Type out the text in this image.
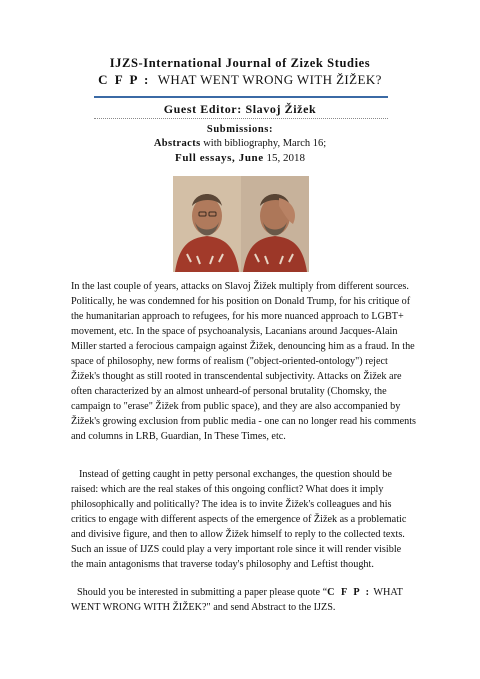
IJZS-International Journal of Zizek Studies
C F P : WHAT WENT WRONG WITH ŽIŽEK?
Guest Editor: Slavoj Žižek
Submissions:
Abstracts with bibliography, March 16;
Full essays, June 15, 2018

In the last couple of years, attacks on Slavoj Žižek multiply from different sources. Politically, he was condemned for his position on Donald Trump, for his critique of the humanitarian approach to refugees, for his more nuanced approach to LGBT+ movement, etc. In the space of psychoanalysis, Lacanians around Jacques-Alain Miller started a ferocious campaign against Žižek, denouncing him as a fraud. In the space of philosophy, new forms of realism ("object-oriented-ontology") reject Žižek's thought as still rooted in transcendental subjectivity. Attacks on Žižek are often characterized by an almost unheard-of personal brutality (Chomsky, the campaign to "erase" Žižek from public space), and they are also accompanied by Žižek's growing exclusion from public media - one can no longer read his comments and columns in LRB, Guardian, In These Times, etc.

Instead of getting caught in petty personal exchanges, the question should be raised: which are the real stakes of this ongoing conflict? What does it imply philosophically and politically? The idea is to invite Žižek's colleagues and his critics to engage with different aspects of the emergence of Žižek as a problematic and divisive figure, and then to allow Žižek himself to reply to the collected texts. Such an issue of IJZS could play a very important role since it will render visible the main antagonisms that traverse today's philosophy and Leftist thought.

Should you be interested in submitting a paper please quote “C F P : WHAT WENT WRONG WITH ŽIŽEK?" and send Abstract to the IJZS.
